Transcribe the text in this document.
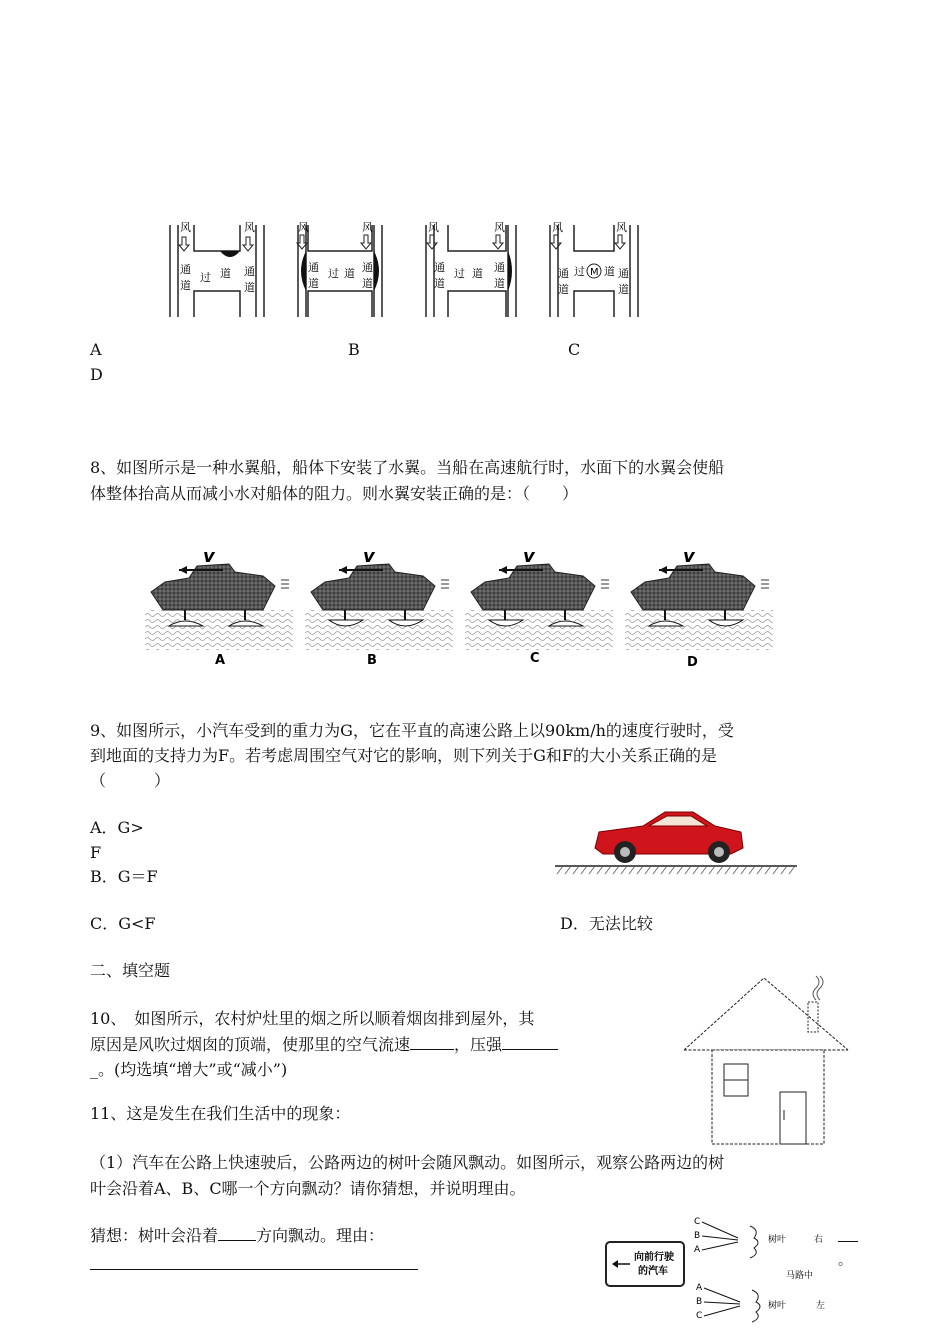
风	风
通
道
通
道
过 道
风	风
通
道
通
道
过 道
风	风
通
道
通
道
过 道	M
风	风
通
道
通
道
过 道
A	B	C
D
8、如图所示是一种水翼船，船体下安装了水翼。当船在高速航行时，水面下的水翼会使船
体整体抬高从而减小水对船体的阻力。则水翼安装正确的是：（　　）
v
A
v
B
v
C
v
D
9、如图所示，小汽车受到的重力为G，它在平直的高速公路上以90km/h的速度行驶时，受
到地面的支持力为F。若考虑周围空气对它的影响，则下列关于G和F的大小关系正确的是
（　　　）
A．G>
F
B．G＝F
C．G<F	D．无法比较
二、填空题
10、　如图所示，农村炉灶里的烟之所以顺着烟囱排到屋外，其
原因是风吹过烟囱的顶端，使那里的空气流速	，压强
_。(均选填“增大”或“减小”)
11、这是发生在我们生活中的现象：
（1）汽车在公路上快速驶后，公路两边的树叶会随风飘动。如图所示，观察公路两边的树
叶会沿着A、B、C哪一个方向飘动？请你猜想，并说明理由。
猜想：树叶会沿着 方向飘动。理由：
。
向前行驶
的汽车
C
B
A
树叶	右
马路中
A
B
C
树叶	左
